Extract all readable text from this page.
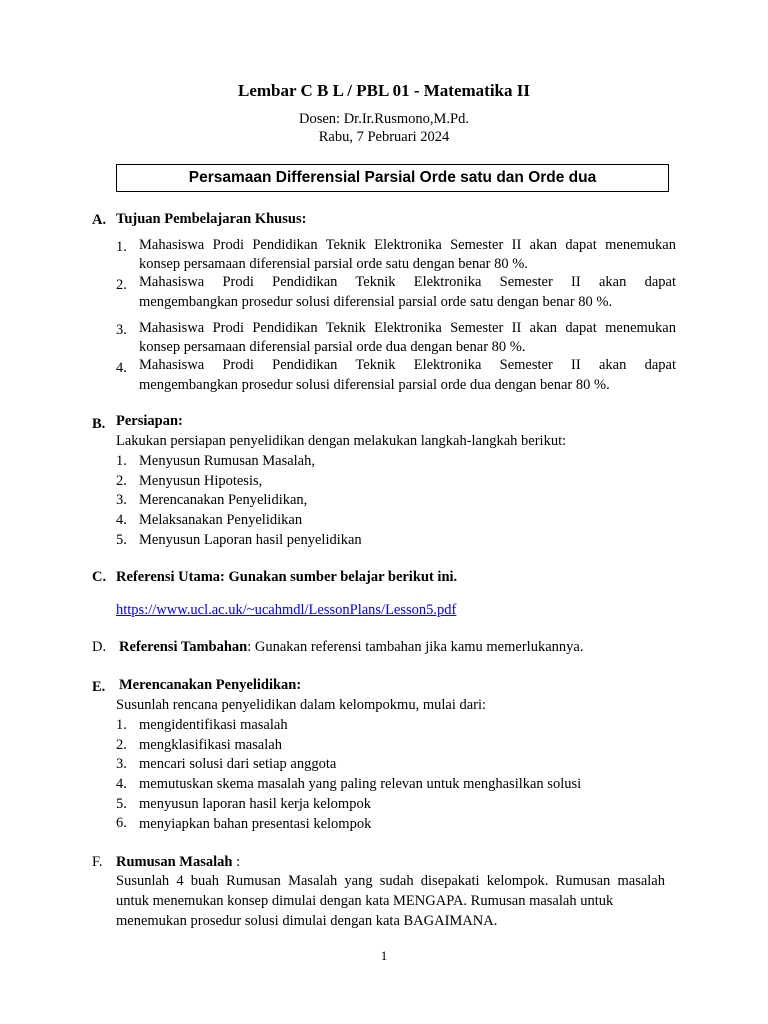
Lembar C B L / PBL 01 - Matematika II
Dosen: Dr.Ir.Rusmono,M.Pd.
Rabu, 7 Pebruari 2024
Persamaan Differensial Parsial Orde satu dan Orde dua
A. Tujuan Pembelajaran Khusus:
1. Mahasiswa Prodi Pendidikan Teknik Elektronika Semester II akan dapat menemukan
konsep persamaan diferensial parsial orde satu dengan benar 80 %.
2. Mahasiswa Prodi Pendidikan Teknik Elektronika Semester II akan dapat
mengembangkan prosedur solusi diferensial parsial orde satu dengan benar 80 %.
3. Mahasiswa Prodi Pendidikan Teknik Elektronika Semester II akan dapat menemukan
konsep persamaan diferensial parsial orde dua dengan benar 80 %.
4. Mahasiswa Prodi Pendidikan Teknik Elektronika Semester II akan dapat
mengembangkan prosedur solusi diferensial parsial orde dua dengan benar 80 %.
B. Persiapan:
Lakukan persiapan penyelidikan dengan melakukan langkah-langkah berikut:
1. Menyusun Rumusan Masalah,
2. Menyusun Hipotesis,
3. Merencanakan Penyelidikan,
4. Melaksanakan Penyelidikan
5. Menyusun Laporan hasil penyelidikan
C. Referensi Utama: Gunakan sumber belajar berikut ini.
https://www.ucl.ac.uk/~ucahmdl/LessonPlans/Lesson5.pdf
D. Referensi Tambahan: Gunakan referensi tambahan jika kamu memerlukannya.
E. Merencanakan Penyelidikan:
Susunlah rencana penyelidikan dalam kelompokmu, mulai dari:
1. mengidentifikasi masalah
2. mengklasifikasi masalah
3. mencari solusi dari setiap anggota
4. memutuskan skema masalah yang paling relevan untuk menghasilkan solusi
5. menyusun laporan hasil kerja kelompok
6. menyiapkan bahan presentasi kelompok
F. Rumusan Masalah :
Susunlah 4 buah Rumusan Masalah yang sudah disepakati kelompok. Rumusan masalah
untuk menemukan konsep dimulai dengan kata MENGAPA. Rumusan masalah untuk
menemukan prosedur solusi dimulai dengan kata BAGAIMANA.
1
